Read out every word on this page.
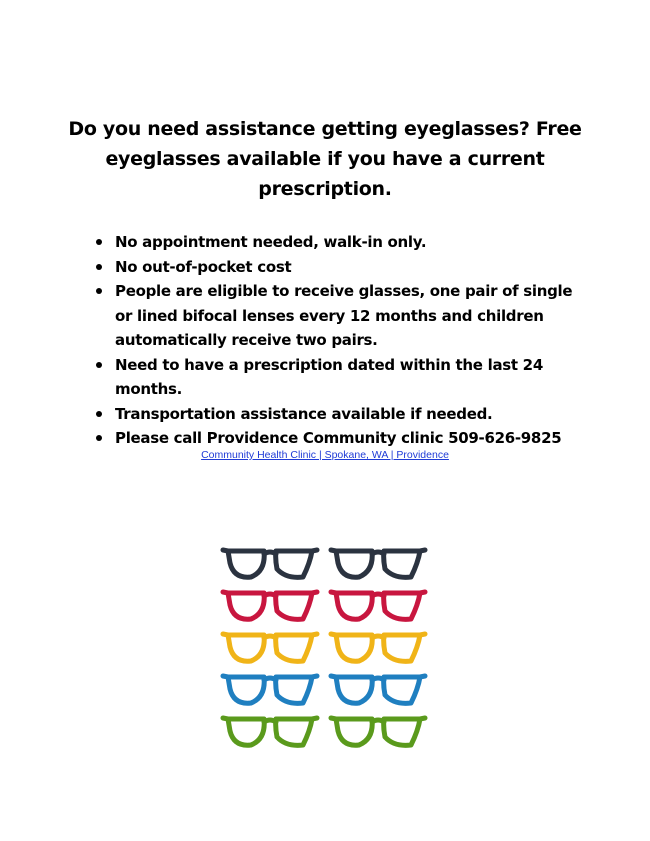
Do you need assistance getting eyeglasses? Free eyeglasses available if you have a current prescription.
No appointment needed, walk-in only.
No out-of-pocket cost
People are eligible to receive glasses, one pair of single or lined bifocal lenses every 12 months and children automatically receive two pairs.
Need to have a prescription dated within the last 24 months.
Transportation assistance available if needed.
Please call Providence Community clinic 509-626-9825
Community Health Clinic | Spokane, WA | Providence
